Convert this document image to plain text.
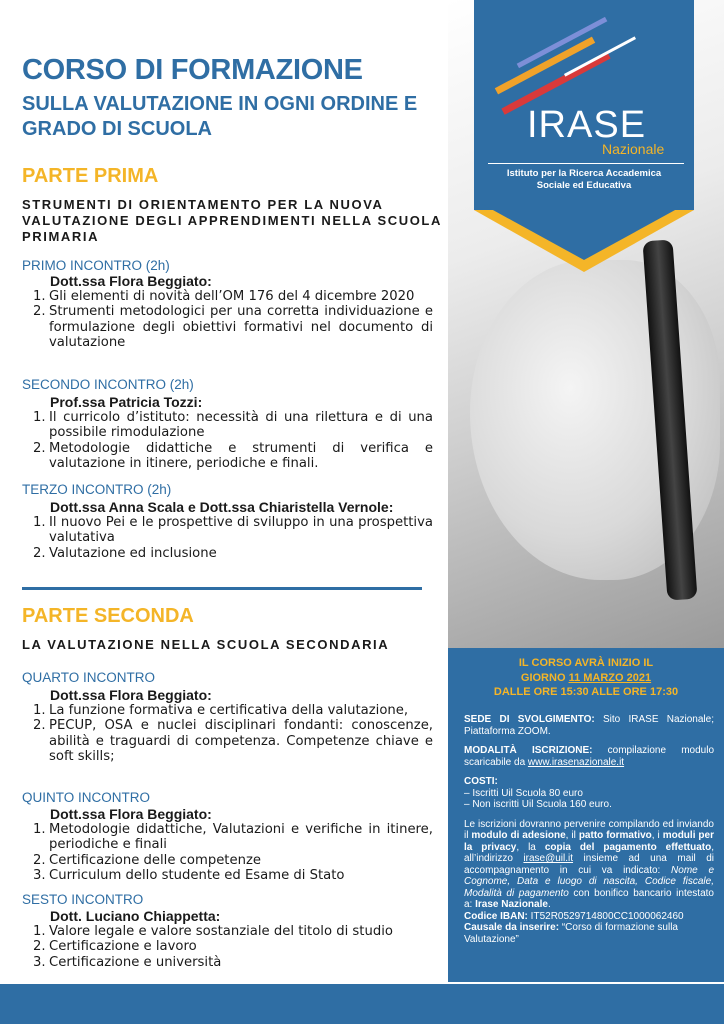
IRASE
Nazionale
Istituto per la Ricerca Accademica
Sociale ed Educativa
IL CORSO AVRÀ INIZIO IL
GIORNO 11 MARZO 2021
DALLE ORE 15:30 ALLE ORE 17:30

SEDE DI SVOLGIMENTO: Sito IRASE Nazionale; Piattaforma ZOOM.

MODALITÀ ISCRIZIONE: compilazione modulo scaricabile da www.irasenazionale.it

COSTI:
– Iscritti Uil Scuola 80 euro
– Non iscritti Uil Scuola 160 euro.

Le iscrizioni dovranno pervenire compilando ed inviando il modulo di adesione, il patto formativo, i moduli per la privacy, la copia del pagamento effettuato, all’indirizzo irase@uil.it insieme ad una mail di accompagnamento in cui va indicato: Nome e Cognome, Data e luogo di nascita, Codice fiscale, Modalità di pagamento con bonifico bancario intestato a: Irase Nazionale.

Codice IBAN: IT52R0529714800CC1000062460

Causale da inserire: “Corso di formazione sulla Valutazione”

CORSO DI FORMAZIONE
SULLA VALUTAZIONE IN OGNI ORDINE E GRADO DI SCUOLA
PARTE PRIMA
STRUMENTI DI ORIENTAMENTO PER LA NUOVA VALUTAZIONE DEGLI APPRENDIMENTI NELLA SCUOLA PRIMARIA
PRIMO INCONTRO (2h)
Dott.ssa Flora Beggiato:
1. Gli elementi di novità dell’OM 176 del 4 dicembre 2020
2. Strumenti metodologici per una corretta individuazione e formulazione degli obiettivi formativi nel documento di valutazione
SECONDO INCONTRO (2h)
Prof.ssa Patricia Tozzi:
1. Il curricolo d’istituto: necessità di una rilettura e di una possibile rimodulazione
2. Metodologie didattiche e strumenti di verifica e valutazione in itinere, periodiche e finali.
TERZO INCONTRO (2h)
Dott.ssa Anna Scala e Dott.ssa Chiaristella Vernole:
1. Il nuovo Pei e le prospettive di sviluppo in una prospettiva valutativa
2. Valutazione ed inclusione
PARTE SECONDA
LA VALUTAZIONE NELLA SCUOLA SECONDARIA
QUARTO INCONTRO
Dott.ssa Flora Beggiato:
1. La funzione formativa e certificativa della valutazione,
2. PECUP, OSA e nuclei disciplinari fondanti: conoscenze, abilità e traguardi di competenza. Competenze chiave e soft skills;
QUINTO INCONTRO
Dott.ssa Flora Beggiato:
1. Metodologie didattiche, Valutazioni e verifiche in itinere, periodiche e finali
2. Certificazione delle competenze
3. Curriculum dello studente ed Esame di Stato
SESTO INCONTRO
Dott. Luciano Chiappetta:
1. Valore legale e valore sostanziale del titolo di studio
2. Certificazione e lavoro
3. Certificazione e università
